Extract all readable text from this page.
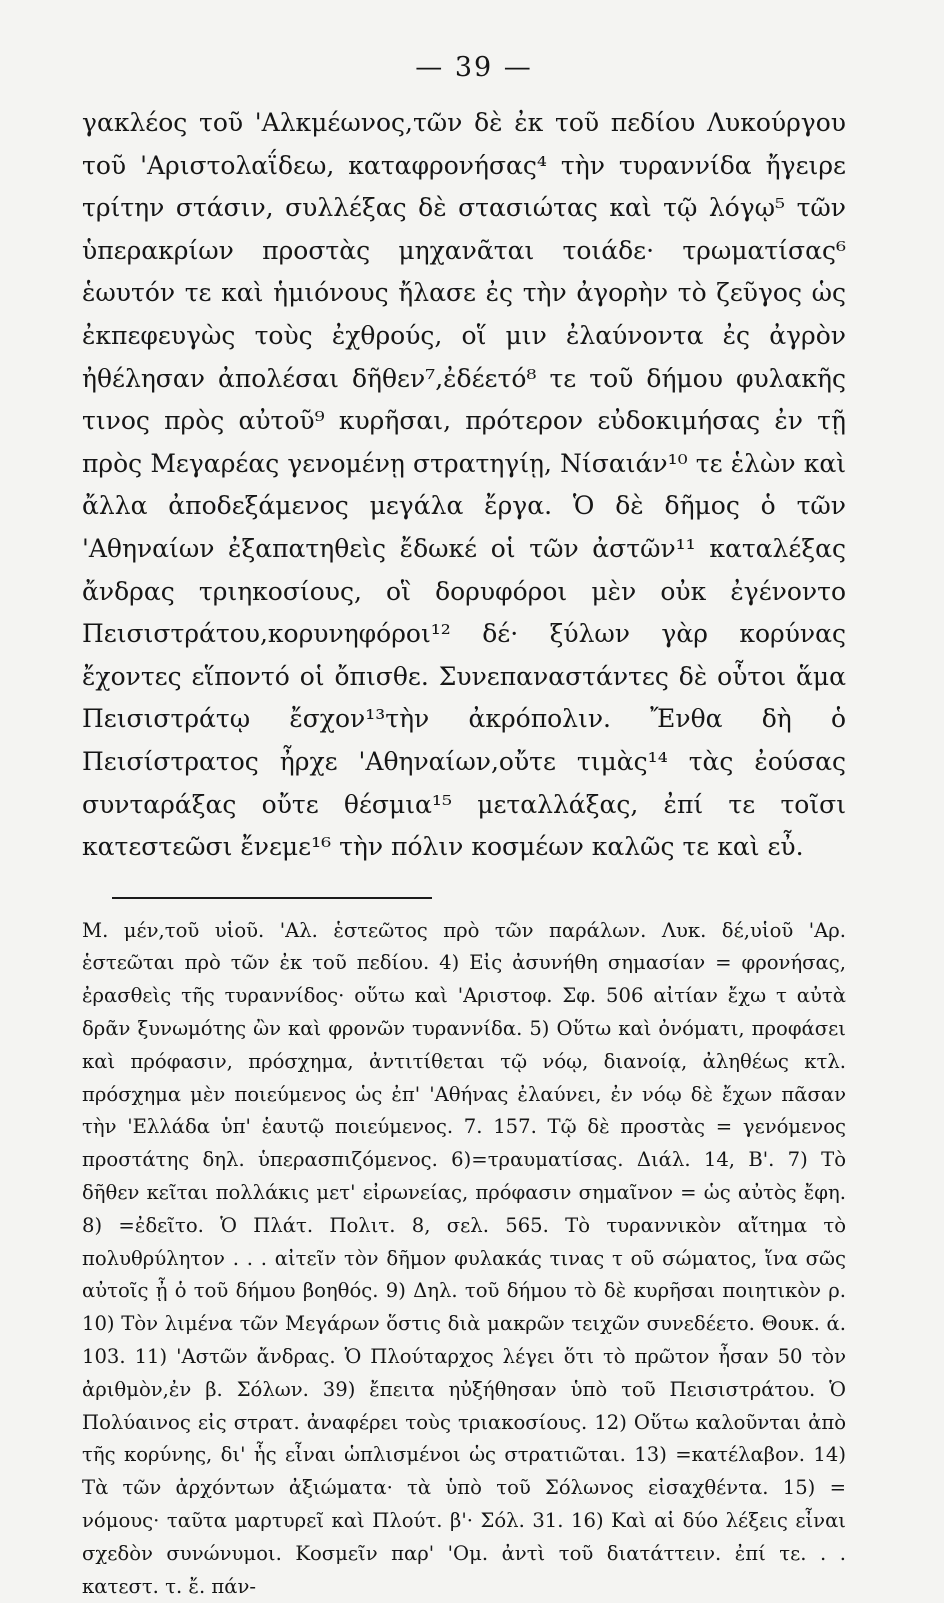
— 39 —

γακλέος τοῦ 'Αλκμέωνος,τῶν δὲ ἐκ τοῦ πεδίου Λυκούργου τοῦ 'Αριστολαΐδεω, καταφρονήσας⁴ τὴν τυραννίδα ἤγειρε τρίτην στάσιν, συλλέξας δὲ στασιώτας καὶ τῷ λόγῳ⁵ τῶν ὑπερακρίων προστὰς μηχανᾶται τοιάδε· τρωματίσας⁶ ἑωυτόν τε καὶ ἡμιόνους ἤλασε ἐς τὴν ἀγορὴν τὸ ζεῦγος ὡς ἐκπεφευγὼς τοὺς ἐχθρούς, οἵ μιν ἐλαύνοντα ἐς ἀγρὸν ἠθέλησαν ἀπολέσαι δῆθεν⁷,ἐδέετό⁸ τε τοῦ δήμου φυλακῆς τινος πρὸς αὐτοῦ⁹ κυρῆσαι, πρότερον εὐδοκιμήσας ἐν τῇ πρὸς Μεγαρέας γενομένῃ στρατηγίῃ, Νίσαιάν¹⁰ τε ἑλὼν καὶ ἄλλα ἀποδεξάμενος μεγάλα ἔργα. Ὁ δὲ δῆμος ὁ τῶν 'Αθηναίων ἐξαπατηθεὶς ἔδωκέ οἱ τῶν ἀστῶν¹¹ καταλέξας ἄνδρας τριηκοσίους, οἳ δορυφόροι μὲν οὐκ ἐγένοντο Πεισιστράτου,κορυνηφόροι¹² δέ· ξύλων γὰρ κορύνας ἔχοντες εἵποντό οἱ ὄπισθε. Συνεπαναστάντες δὲ οὗτοι ἅμα Πεισιστράτῳ ἔσχον¹³τὴν ἀκρόπολιν. Ἔνθα δὴ ὁ Πεισίστρατος ἦρχε 'Αθηναίων,οὔτε τιμὰς¹⁴ τὰς ἐούσας συνταράξας οὔτε θέσμια¹⁵ μεταλλάξας, ἐπί τε τοῖσι κατεστεῶσι ἔνεμε¹⁶ τὴν πόλιν κοσμέων καλῶς τε καὶ εὖ.

Μ. μέν,τοῦ υἱοῦ. 'Αλ. ἑστεῶτος πρὸ τῶν παράλων. Λυκ. δέ,υἱοῦ 'Αρ. ἑστεῶται πρὸ τῶν ἐκ τοῦ πεδίου. 4) Εἰς ἀσυνήθη σημασίαν = φρονήσας, ἐρασθεὶς τῆς τυραννίδος· οὕτω καὶ 'Αριστοφ. Σφ. 506 αἰτίαν ἔχω τ αὐτὰ δρᾶν ξυνωμότης ὢν καὶ φρονῶν τυραννίδα. 5) Οὕτω καὶ ὀνόματι, προφάσει καὶ πρόφασιν, πρόσχημα, ἀντιτίθεται τῷ νόῳ, διανοίᾳ, ἀληθέως κτλ. πρόσχημα μὲν ποιεύμενος ὡς ἐπ' 'Αθήνας ἐλαύνει, ἐν νόῳ δὲ ἔχων πᾶσαν τὴν 'Ελλάδα ὑπ' ἑαυτῷ ποιεύμενος. 7. 157. Τῷ δὲ προστὰς = γενόμενος προστάτης δηλ. ὑπερασπιζόμενος. 6)=τραυματίσας. Διάλ. 14, Β'. 7) Τὸ δῆθεν κεῖται πολλάκις μετ' εἰρωνείας, πρόφασιν σημαῖνον = ὡς αὐτὸς ἔφη. 8) =ἐδεῖτο. Ὁ Πλάτ. Πολιτ. 8, σελ. 565. Τὸ τυραννικὸν αἴτημα τὸ πολυθρύλητον . . . αἰτεῖν τὸν δῆμον φυλακάς τινας τ οῦ σώματος, ἵνα σῶς αὐτοῖς ᾖ ὁ τοῦ δήμου βοηθός. 9) Δηλ. τοῦ δήμου τὸ δὲ κυρῆσαι ποιητικὸν ρ. 10) Τὸν λιμένα τῶν Μεγάρων ὅστις διὰ μακρῶν τειχῶν συνεδέετο. Θουκ. ά. 103. 11) 'Αστῶν ἄνδρας. Ὁ Πλούταρχος λέγει ὅτι τὸ πρῶτον ἦσαν 50 τὸν ἀριθμὸν,ἐν β. Σόλων. 39) ἔπειτα ηὐξήθησαν ὑπὸ τοῦ Πεισιστράτου. Ὁ Πολύαινος εἰς στρατ. ἀναφέρει τοὺς τριακοσίους. 12) Οὕτω καλοῦνται ἀπὸ τῆς κορύνης, δι' ἧς εἶναι ὡπλισμένοι ὡς στρατιῶται. 13) =κατέλαβον. 14) Τὰ τῶν ἀρχόντων ἀξιώματα· τὰ ὑπὸ τοῦ Σόλωνος εἰσαχθέντα. 15) = νόμους· ταῦτα μαρτυρεῖ καὶ Πλούτ. β'· Σόλ. 31. 16) Καὶ αἱ δύο λέξεις εἶναι σχεδὸν συνώνυμοι. Κοσμεῖν παρ' 'Ομ. ἀντὶ τοῦ διατάττειν. ἐπί τε. . . κατεστ. τ. ἔ. πάν-
